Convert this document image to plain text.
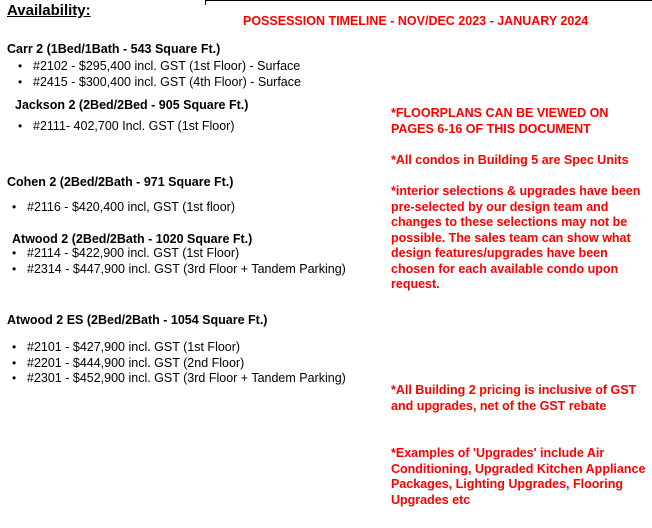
Availability:
POSSESSION TIMELINE - NOV/DEC 2023 - JANUARY 2024
Carr 2 (1Bed/1Bath - 543 Square Ft.)
• #2102 - $295,400 incl. GST (1st Floor) - Surface
• #2415 - $300,400 incl. GST (4th Floor) - Surface
Jackson 2 (2Bed/2Bed - 905 Square Ft.)
• #2111- 402,700 Incl. GST (1st Floor)
Cohen 2 (2Bed/2Bath - 971 Square Ft.)
• #2116 - $420,400 incl, GST (1st floor)
Atwood 2 (2Bed/2Bath - 1020 Square Ft.)
• #2114 - $422,900 incl. GST (1st Floor)
• #2314 - $447,900 incl. GST (3rd Floor + Tandem Parking)
Atwood 2 ES (2Bed/2Bath - 1054 Square Ft.)
• #2101 - $427,900 incl. GST (1st Floor)
• #2201 - $444,900 incl. GST (2nd Floor)
• #2301 - $452,900 incl. GST (3rd Floor + Tandem Parking)
*FLOORPLANS CAN BE VIEWED ON PAGES 6-16 OF THIS DOCUMENT
*All condos in Building 5 are Spec Units
*interior selections & upgrades have been pre-selected by our design team and changes to these selections may not be possible. The sales team can show what design features/upgrades have been chosen for each available condo upon request.
*All Building 2 pricing is inclusive of GST and upgrades, net of the GST rebate
*Examples of 'Upgrades' include Air Conditioning, Upgraded Kitchen Appliance Packages, Lighting Upgrades, Flooring Upgrades etc
